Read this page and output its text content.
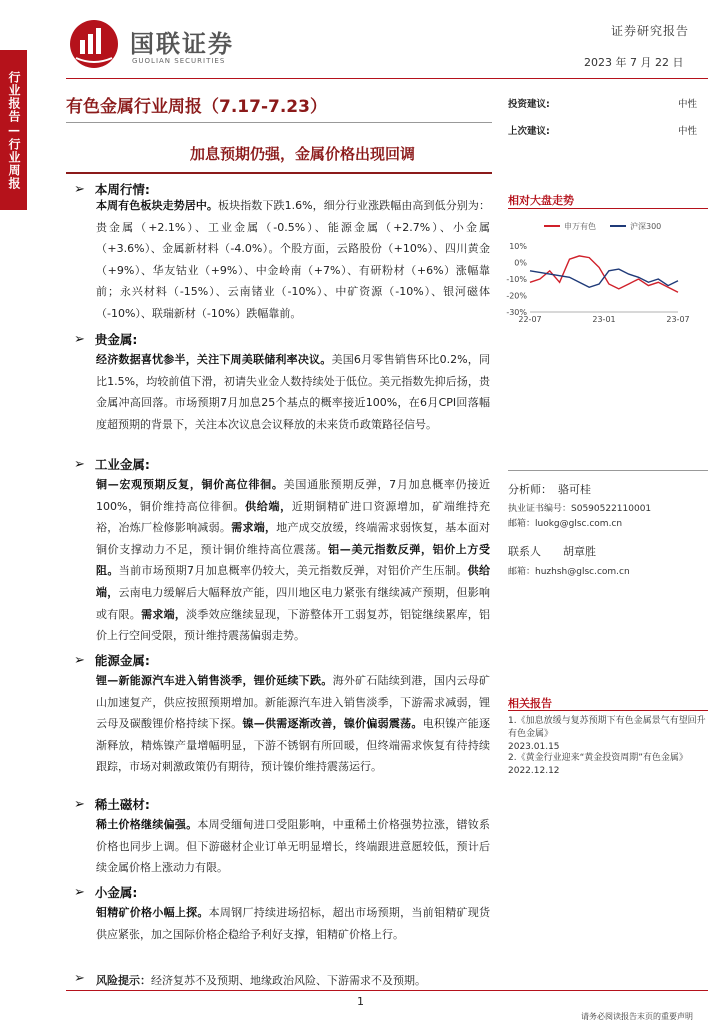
行业报告—行业周报
国联证券
GUOLIAN SECURITIES
证券研究报告
2023 年 7 月 22 日
有色金属行业周报（7.17-7.23）
加息预期仍强，金属价格出现回调
投资建议:	中性
上次建议:	中性
➢ 本周行情:
本周有色板块走势居中。板块指数下跌1.6%，细分行业涨跌幅由高到低分别为：贵金属（+2.1%）、工业金属（-0.5%）、能源金属（+2.7%）、小金属（+3.6%）、金属新材料（-4.0%）。个股方面，云路股份（+10%）、四川黄金（+9%）、华友钴业（+9%）、中金岭南（+7%）、有研粉材（+6%）涨幅靠前；永兴材料（-15%）、云南锗业（-10%）、中矿资源（-10%）、银河磁体（-10%）、联瑞新材（-10%）跌幅靠前。
➢ 贵金属:
经济数据喜忧参半，关注下周美联储利率决议。美国6月零售销售环比0.2%，同比1.5%，均较前值下滑，初请失业金人数持续处于低位。美元指数先抑后扬，贵金属冲高回落。市场预期7月加息25个基点的概率接近100%，在6月CPI回落幅度超预期的背景下，关注本次议息会议释放的未来货币政策路径信号。
➢ 工业金属:
铜—宏观预期反复，铜价高位徘徊。美国通胀预期反弹，7月加息概率仍接近100%，铜价维持高位徘徊。供给端，近期铜精矿进口资源增加，矿端维持充裕，冶炼厂检修影响减弱。需求端，地产成交放缓，终端需求弱恢复，基本面对铜价支撑动力不足，预计铜价维持高位震荡。铝—美元指数反弹，铝价上方受阻。当前市场预期7月加息概率仍较大，美元指数反弹，对铝价产生压制。供给端，云南电力缓解后大幅释放产能，四川地区电力紧张有继续减产预期，但影响或有限。需求端，淡季效应继续显现，下游整体开工弱复苏，铝锭继续累库，铝价上行空间受限，预计维持震荡偏弱走势。
➢ 能源金属:
锂—新能源汽车进入销售淡季，锂价延续下跌。海外矿石陆续到港，国内云母矿山加速复产，供应按照预期增加。新能源汽车进入销售淡季，下游需求减弱，锂云母及碳酸锂价格持续下探。镍—供需逐渐改善，镍价偏弱震荡。电积镍产能逐渐释放，精炼镍产量增幅明显，下游不锈钢有所回暖，但终端需求恢复有待持续跟踪，市场对刺激政策仍有期待，预计镍价维持震荡运行。
➢ 稀土磁材:
稀土价格继续偏强。本周受缅甸进口受阻影响，中重稀土价格强势拉涨，镨钕系价格也同步上调。但下游磁材企业订单无明显增长，终端跟进意愿较低，预计后续金属价格上涨动力有限。
➢ 小金属:
钼精矿价格小幅上探。本周钢厂持续进场招标，超出市场预期，当前钼精矿现货供应紧张，加之国际价格企稳给予利好支撑，钼精矿价格上行。
➢ 风险提示：经济复苏不及预期、地缘政治风险、下游需求不及预期。
相对大盘走势
申万有色	沪深300
10%
0%
-10%
-20%
-30%
22-07	23-01	23-07
分析师： 骆可桂
执业证书编号：S0590522110001
邮箱：luokg@glsc.com.cn
联系人 胡章胜
邮箱：huzhsh@glsc.com.cn
相关报告
1.《加息放缓与复苏预期下有色金属景气有望回升有色金属》
2023.01.15
2.《黄金行业迎来“黄金投资周期”有色金属》
2022.12.12
1
请务必阅读报告末页的重要声明
